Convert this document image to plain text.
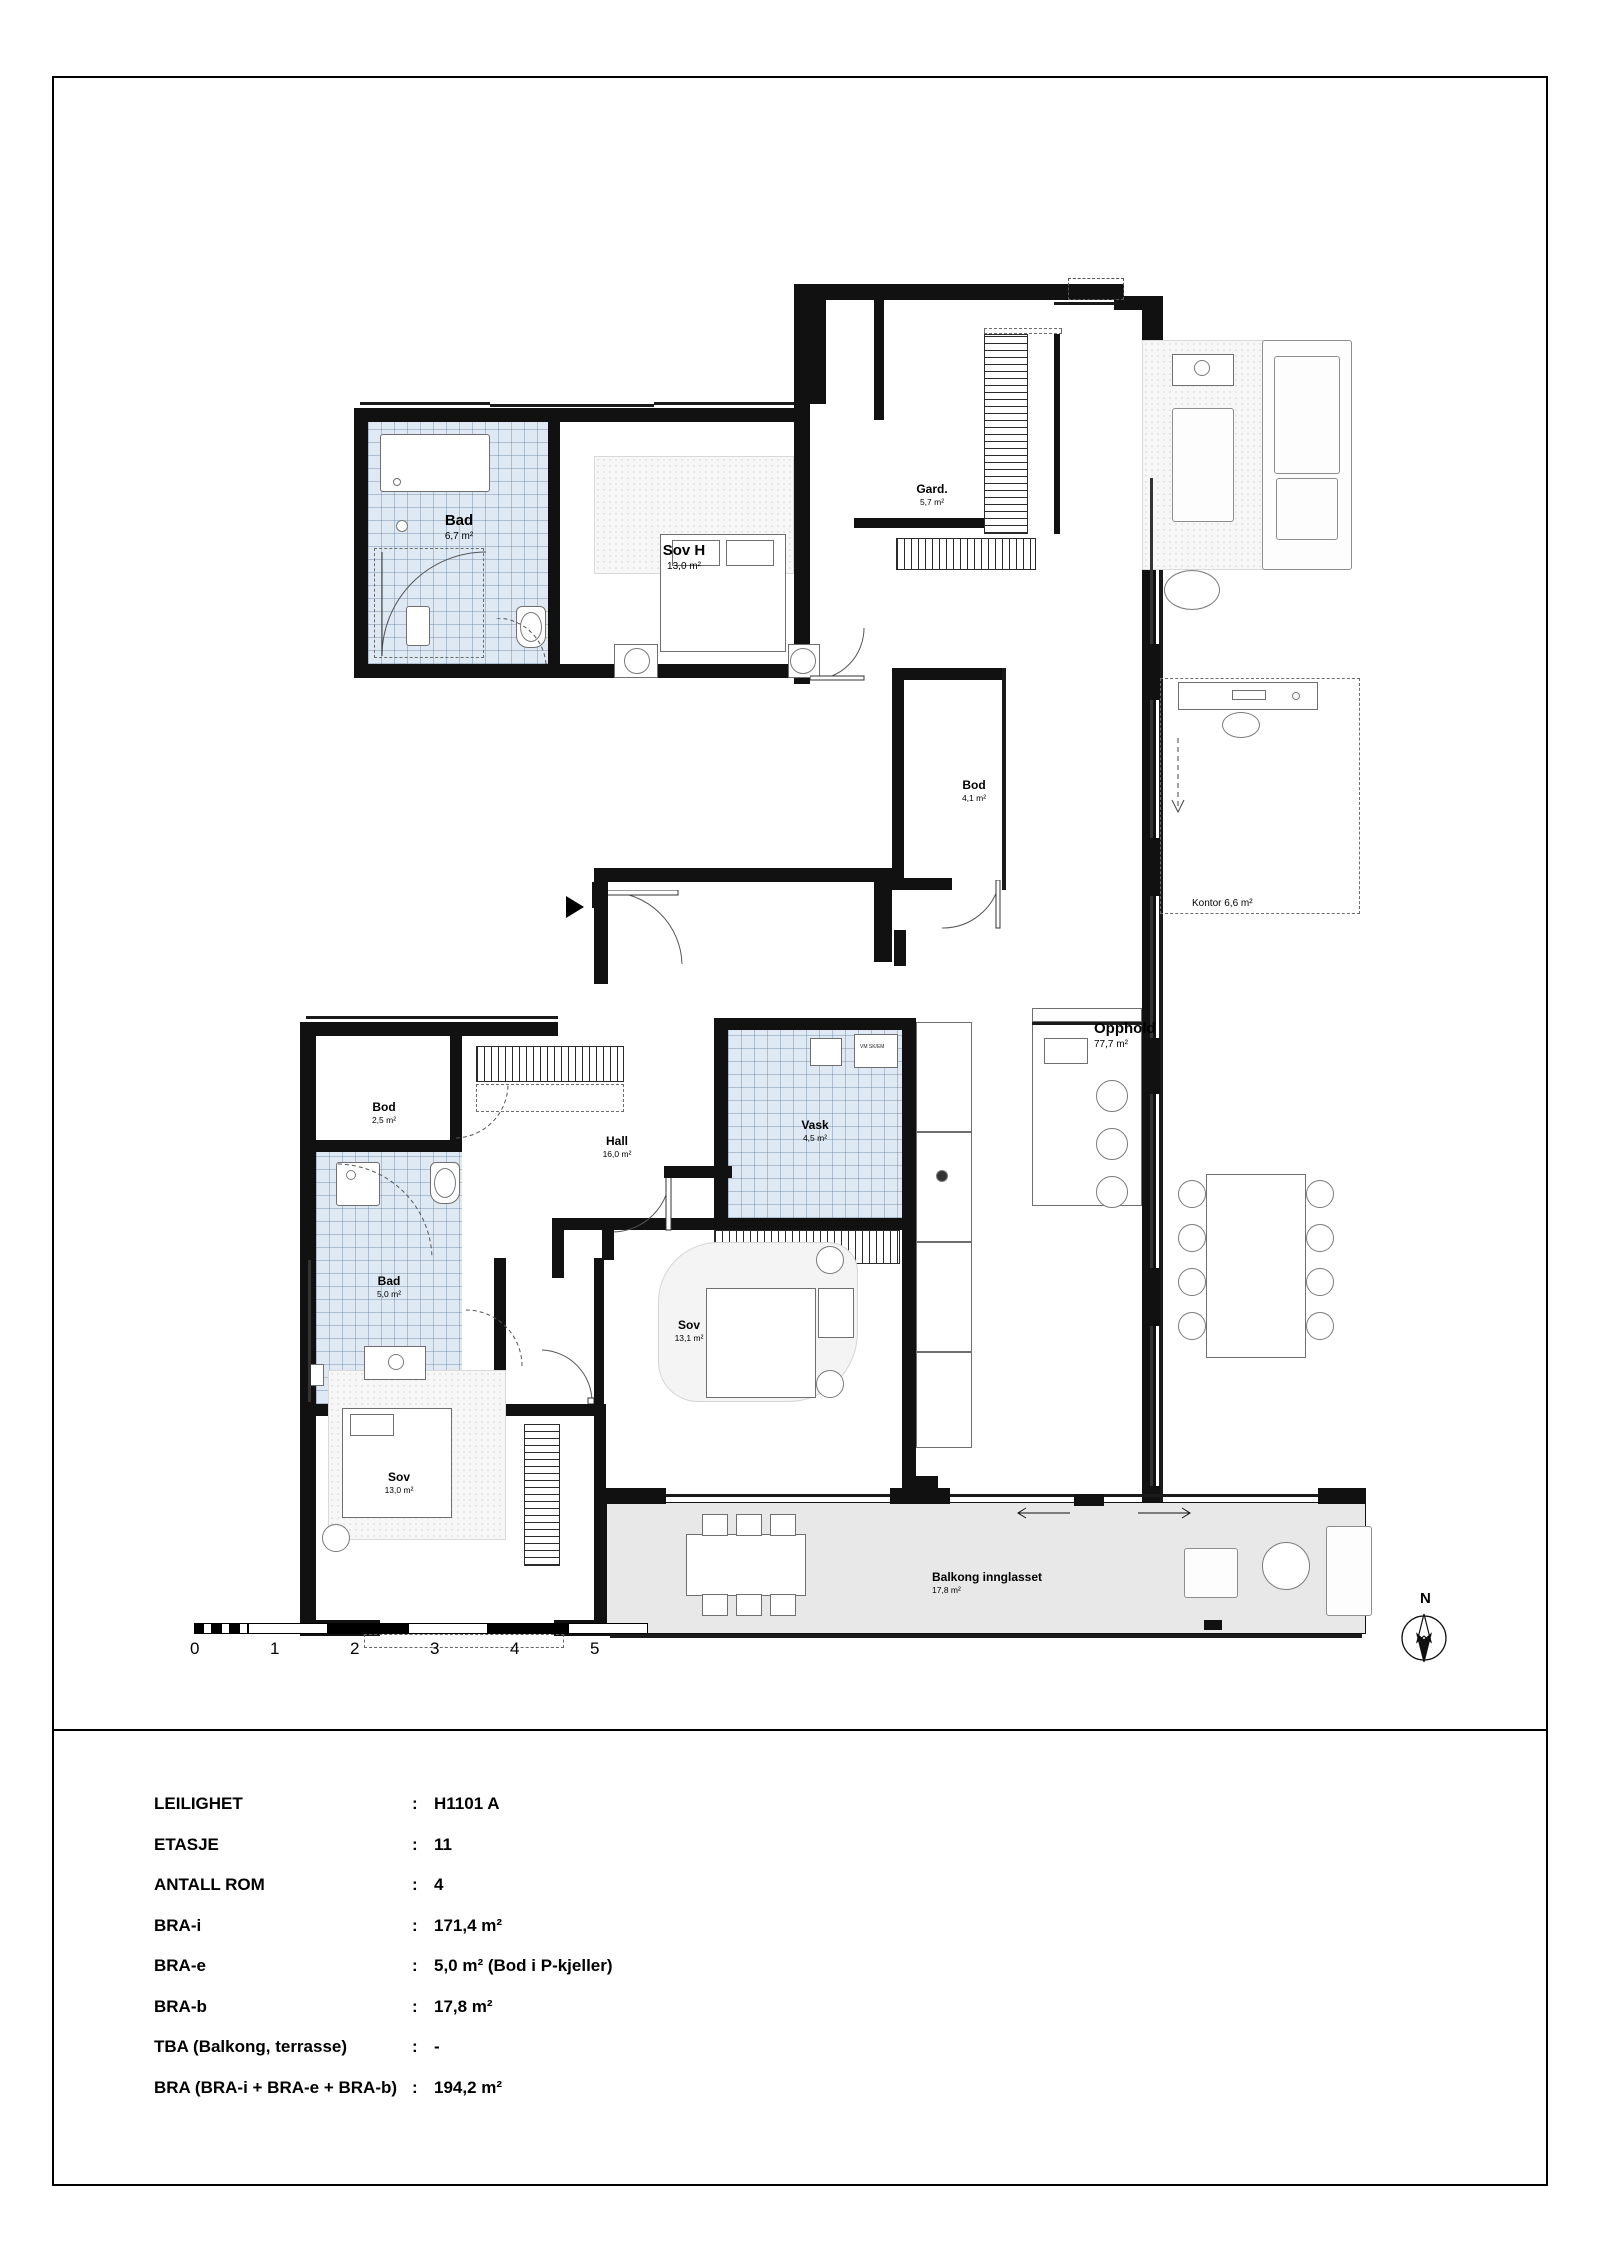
VM SK/EM
Bad
6,7 m²
Sov H
13,0 m²
Gard.
5,7 m²
Bod
4,1 m²
Bod
2,5 m²
Hall
16,0 m²
Vask
4,5 m²
Bad
5,0 m²
Sov
13,1 m²
Sov
13,0 m²
Opphold
77,7 m²
Balkong innglasset
17,8 m²
Kontor 6,6 m²
0	1	2	3	4	5
N
LEILIGHET	: H1101 A
ETASJE	: 11
ANTALL ROM	: 4
BRA-i	: 171,4 m²
BRA-e	: 5,0 m² (Bod i P-kjeller)
BRA-b	: 17,8 m²
TBA (Balkong, terrasse)	: -
BRA (BRA-i + BRA-e + BRA-b) : 194,2 m²
